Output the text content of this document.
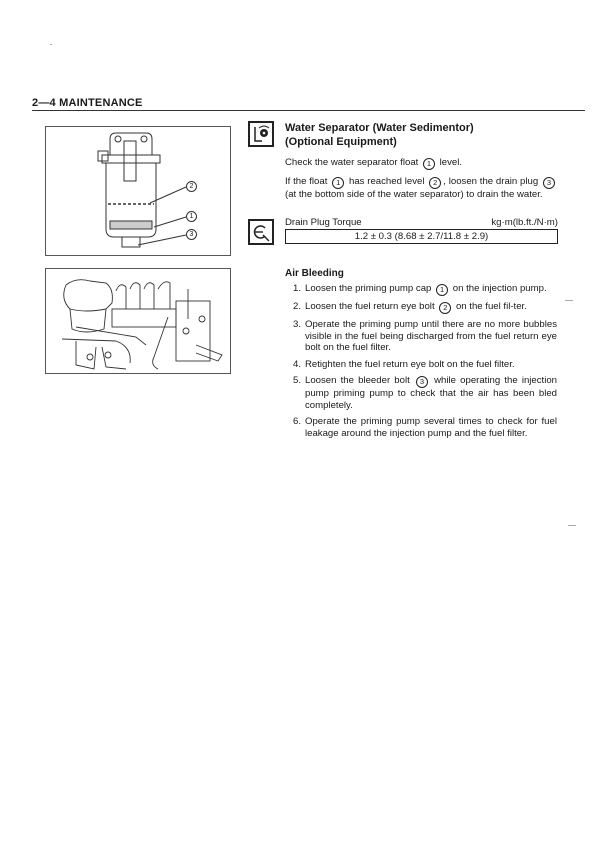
2—4 MAINTENANCE
2
1
3
Water Separator (Water Sedimentor)
(Optional Equipment)
Check the water separator float 1 level.
If the float 1 has reached level 2 , loosen the drain plug 3 (at the bottom side of the water separator) to drain the water.
Drain Plug Torque	kg·m(lb.ft./N·m)
1.2 ± 0.3 (8.68 ± 2.7/11.8 ± 2.9)
Air Bleeding
1. Loosen the priming pump cap 1 on the injection pump.
2. Loosen the fuel return eye bolt 2 on the fuel fil-ter.
3. Operate the priming pump until there are no more bubbles visible in the fuel being discharged from the fuel return eye bolt on the fuel filter.
4. Retighten the fuel return eye bolt on the fuel filter.
5. Loosen the bleeder bolt 3 while operating the injection pump priming pump to check that the air has been bled completely.
6. Operate the priming pump several times to check for fuel leakage around the injection pump and the fuel filter.
